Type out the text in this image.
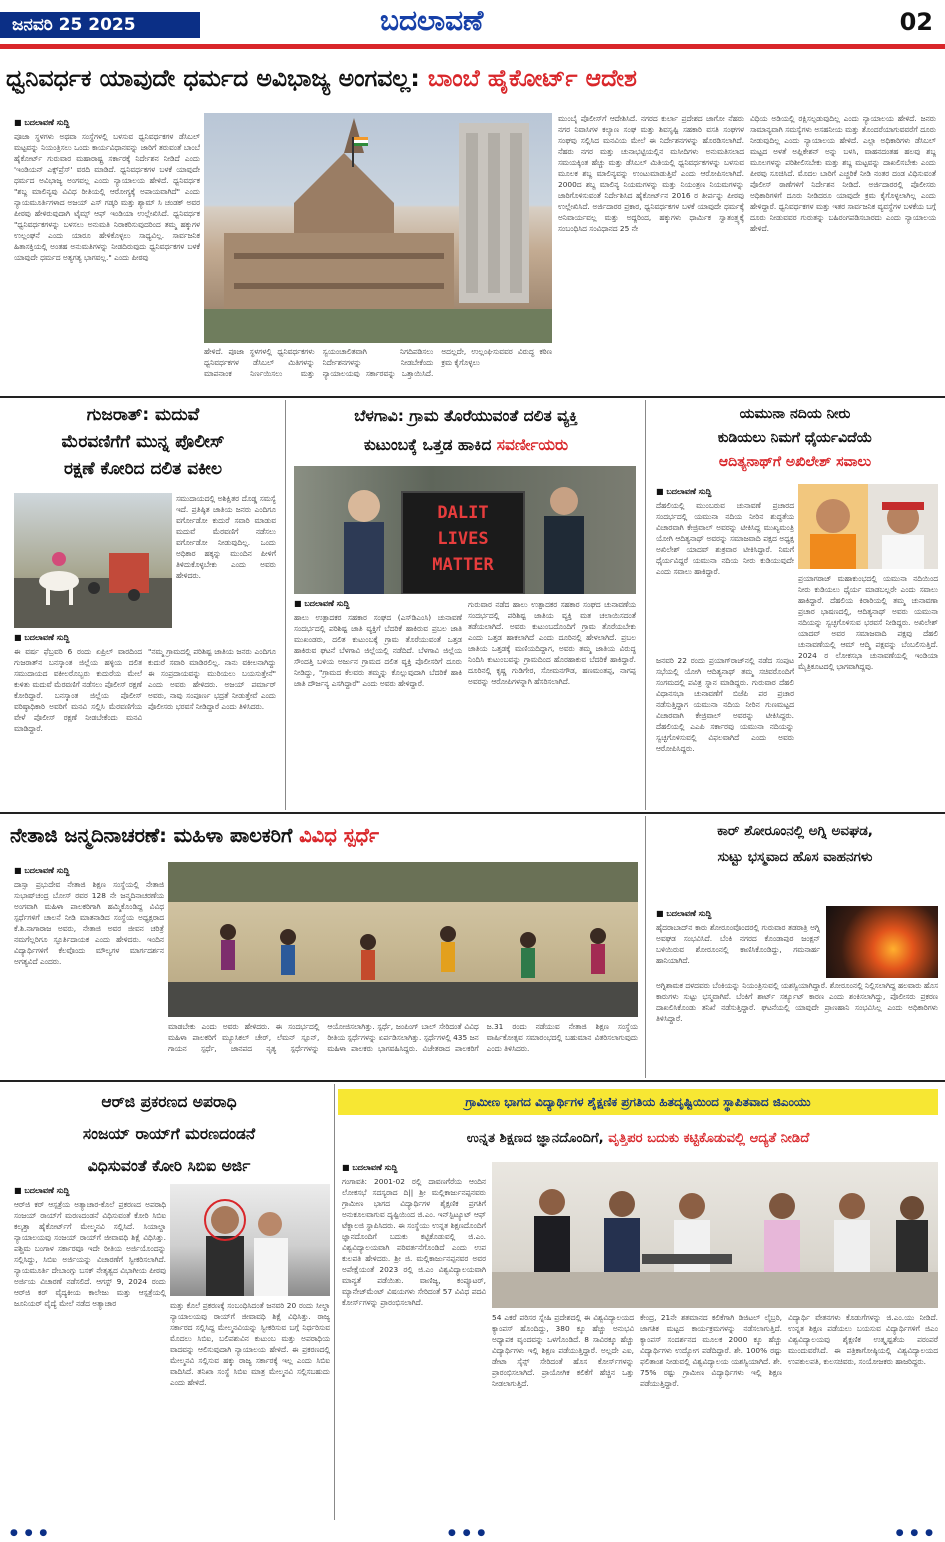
ಜನವರಿ 25 2025	ಬದಲಾವಣೆ	02
ಧ್ವನಿವರ್ಧಕ ಯಾವುದೇ ಧರ್ಮದ ಅವಿಭಾಜ್ಯ ಅಂಗವಲ್ಲ: ಬಾಂಬೆ ಹೈಕೋರ್ಟ್ ಆದೇಶ
■ ಬದಲಾವಣೆ ಸುದ್ದಿ
ಪೂಜಾ ಸ್ಥಳಗಳು ಅಥವಾ ಸಂಸ್ಥೆಗಳಲ್ಲಿ ಬಳಸುವ ಧ್ವನಿವರ್ಧಕಗಳ ಡೆಸಿಬಲ್ ಮಟ್ಟವನ್ನು ನಿಯಂತ್ರಿಸಲು ಒಂದು ಕಾರ್ಯವಿಧಾನವನ್ನು ಜಾರಿಗೆ ತರುವಂತೆ ಬಾಂಬೆ ಹೈಕೋರ್ಟ್ ಗುರುವಾರ ಮಹಾರಾಷ್ಟ್ರ ಸರ್ಕಾರಕ್ಕೆ ನಿರ್ದೇಶನ ನೀಡಿದೆ ಎಂದು 'ಇಂಡಿಯನ್ ಎಕ್ಸ್‌ಪ್ರೆಸ್' ವರದಿ ಮಾಡಿದೆ. ಧ್ವನಿವರ್ಧಕಗಳ ಬಳಕೆ ಯಾವುದೇ ಧರ್ಮದ ಅವಿಭಾಜ್ಯ ಅಂಗವಲ್ಲ ಎಂದು ನ್ಯಾಯಾಲಯ ಹೇಳಿದೆ. ಧ್ವನಿವರ್ಧಕ "ಶಬ್ದ ಮಾಲಿನ್ಯವು ವಿವಿಧ ರೀತಿಯಲ್ಲಿ ಆರೋಗ್ಯಕ್ಕೆ ಅಪಾಯವಾಗಿದೆ" ಎಂದು ನ್ಯಾಯಮೂರ್ತಿಗಳಾದ ಅಜಯ್ ಎಸ್ ಗಡ್ಕರಿ ಮತ್ತು ಶ್ಯಾಮ್ ಸಿ ಚಂಡಕ್ ಅವರ ಪೀಠವು ಹೇಳಿರುವುದಾಗಿ ಟೈಮ್ಸ್ ಆಫ್ ಇಂಡಿಯಾ ಉಲ್ಲೇಖಿಸಿದೆ. ಧ್ವನಿವರ್ಧಕ "ಧ್ವನಿವರ್ಧಕಗಳನ್ನು ಬಳಸಲು ಅನುಮತಿ ನಿರಾಕರಿಸುವುದರಿಂದ ತಮ್ಮ ಹಕ್ಕುಗಳ ಉಲ್ಲಂಘನೆ ಎಂದು ಯಾರೂ ಹೇಳಿಕೊಳ್ಳಲು ಸಾಧ್ಯವಿಲ್ಲ. ಸಾರ್ವಜನಿಕ ಹಿತಾಸಕ್ತಿಯಲ್ಲಿ ಅಂತಹ ಅನುಮತಿಗಳನ್ನು ನೀಡದಿರುವುದು ಧ್ವನಿವರ್ಧಕಗಳ ಬಳಕೆ ಯಾವುದೇ ಧರ್ಮದ ಅತ್ಯಗತ್ಯ ಭಾಗವಲ್ಲ." ಎಂದು ಪೀಠವು
ಹೇಳಿದೆ. ಪೂಜಾ ಸ್ಥಳಗಳಲ್ಲಿ ಧ್ವನಿವರ್ಧಕಗಳು ಧ್ವನಿವರ್ಧಕಗಳ ಡೆಸಿಬಲ್ ಮಿತಿಗಳನ್ನು ಮಾಪನಾಂಕ ನಿರ್ಣಯಿಸಲು ಮತ್ತು ಸ್ವಯಂಚಾಲಿತವಾಗಿ ನಿಗದಿಪಡಿಸಲು ನಿರ್ದೇಶನಗಳನ್ನು ನೀಡಬೇಕೆಂದು ನ್ಯಾಯಾಲಯವು ಸರ್ಕಾರವನ್ನು ಒತ್ತಾಯಿಸಿದೆ. ಅದಲ್ಲದೇ, ಉಲ್ಲಂಘಿಸುವವರ ವಿರುದ್ಧ ಕಠಿಣ ಕ್ರಮ ಕೈಗೊಳ್ಳಲು
ಮುಂಬೈ ಪೊಲೀಸ್‌ಗೆ ಆದೇಶಿಸಿದೆ. ನಗರದ ಕುರ್ಲಾ ಪ್ರದೇಶದ ಜಾಗೋ ನೆಹರು ನಗರ ನಿವಾಸಿಗಳ ಕಲ್ಯಾಣ ಸಂಘ ಮತ್ತು ಶಿವಸೃಷ್ಟಿ ಸಹಕಾರಿ ವಸತಿ ಸಂಘಗಳ ಸಂಘವು ಸಲ್ಲಿಸಿದ ಮನವಿಯ ಮೇಲೆ ಈ ನಿರ್ದೇಶನಗಳನ್ನು ಹೊರಡಿಸಲಾಗಿದೆ. ನೆಹರು ನಗರ ಮತ್ತು ಚುನಾಭಟ್ಟಿಯಲ್ಲಿನ ಮಸೀದಿಗಳು ಅನುಮತಿಸಲಾದ ಸಮಯಕ್ಕಿಂತ ಹೆಚ್ಚು ಮತ್ತು ಡೆಸಿಬಲ್ ಮಿತಿಯಲ್ಲಿ ಧ್ವನಿವರ್ಧಕಗಳನ್ನು ಬಳಸುವ ಮೂಲಕ ಶಬ್ದ ಮಾಲಿನ್ಯವನ್ನು ಉಂಟುಮಾಡುತ್ತಿವೆ ಎಂದು ಆರೋಪಿಸಲಾಗಿದೆ. 2000ದ ಶಬ್ದ ಮಾಲಿನ್ಯ ನಿಯಮಗಳನ್ನು ಮತ್ತು ನಿಯಂತ್ರಣ ನಿಯಮಗಳನ್ನು ಜಾರಿಗೊಳಿಸುವಂತೆ ನಿರ್ದೇಶಿಸಿದ ಹೈಕೋರ್ಟ್‌ನ 2016 ರ ತೀರ್ಪನ್ನು ಪೀಠವು ಉಲ್ಲೇಖಿಸಿದೆ. ಅರ್ಜಿದಾರರ ಪ್ರಕಾರ, ಧ್ವನಿವರ್ಧಕಗಳ ಬಳಕೆ ಯಾವುದೇ ಧರ್ಮಕ್ಕೆ ಅನಿವಾರ್ಯವಲ್ಲ ಮತ್ತು ಅದ್ದರಿಂದ, ಹಕ್ಕುಗಳು ಧಾರ್ಮಿಕ ಸ್ವಾತಂತ್ರ್ಯಕ್ಕೆ ಸಂಬಂಧಿಸಿದ ಸಂವಿಧಾನದ 25 ನೇ
ವಿಧಿಯ ಅಡಿಯಲ್ಲಿ ರಕ್ಷಿಸಲ್ಪಡುವುದಿಲ್ಲ ಎಂದು ನ್ಯಾಯಾಲಯ ಹೇಳಿದೆ. ಜನರು ಸಾಮಾನ್ಯವಾಗಿ ಸಮಸ್ಯೆಗಳು ಅಸಹನೀಯ ಮತ್ತು ತೊಂದರೆಯಾಗುವವರೆಗೆ ದೂರು ನೀಡುವುದಿಲ್ಲ ಎಂದು ನ್ಯಾಯಾಲಯ ಹೇಳಿದೆ. ಎಲ್ಲಾ ಅಧಿಕಾರಿಗಳು ಡೆಸಿಬಲ್ ಮಟ್ಟದ ಅಳತೆ ಅಪ್ಲಿಕೇಶನ್ ಅನ್ನು ಬಳಸಿ, ವಾಹನದಂತಹ ಹಲವು ಶಬ್ದ ಮೂಲಗಳನ್ನು ಪರಿಶೀಲಿಸಬೇಕು ಮತ್ತು ಶಬ್ದ ಮಟ್ಟವನ್ನು ದಾಖಲಿಸಬೇಕು ಎಂದು ಪೀಠವು ಸೂಚಿಸಿದೆ. ಮೊದಲ ಬಾರಿಗೆ ಎಚ್ಚರಿಕೆ ನೀಡಿ ನಂತರ ದಂಡ ವಿಧಿಸುವಂತೆ ಪೊಲೀಸ್ ಠಾಣೆಗಳಿಗೆ ನಿರ್ದೇಶನ ನೀಡಿದೆ. ಅರ್ಜಿದಾರರಲ್ಲಿ ಪೊಲೀಸರು ಅಧಿಕಾರಿಗಳಿಗೆ ದೂರು ನೀಡಿದರೂ ಯಾವುದೇ ಕ್ರಮ ಕೈಗೊಳ್ಳಲಾಗಿಲ್ಲ ಎಂದು ಹೇಳಿದ್ದಾರೆ. ಧ್ವನಿವರ್ಧಕಗಳ ಮತ್ತು ಇತರ ಸಾರ್ವಜನಿಕ ವ್ಯವಸ್ಥೆಗಳ ಬಳಕೆಯ ಬಗ್ಗೆ ದೂರು ನೀಡುವವರ ಗುರುತನ್ನು ಬಹಿರಂಗಪಡಿಸಬಾರದು ಎಂದು ನ್ಯಾಯಾಲಯ ಹೇಳಿದೆ.
ಗುಜರಾತ್: ಮದುವೆ
ಮೆರವಣಿಗೆಗೆ ಮುನ್ನ ಪೊಲೀಸ್
ರಕ್ಷಣೆ ಕೋರಿದ ದಲಿತ ವಕೀಲ
ಸಮುದಾಯದಲ್ಲಿ ಅಶಿಕ್ಷಿತರ ದೊಡ್ಡ ಸಮಸ್ಯೆ ಇದೆ. ಪ್ರತಿಷ್ಠಿತ ಜಾತಿಯ ಜನರು ಎಂದಿಗೂ ವರ್ಗೋಡೋ ಕುದುರೆ ಸವಾರಿ ಮಾಡುವ ಮದುವೆ ಮೆರವಣಿಗೆ ನಡೆಸಲು ವರ್ಗೋಡೋ ನೀಡುವುದಿಲ್ಲ. ಒಂದು ಅಧಿಕಾರ ಹಕ್ಕನ್ನು ಮುಂದಿನ ಪೀಳಿಗೆ ತಿಳಿದುಕೊಳ್ಳಬೇಕು ಎಂದು ಅವರು ಹೇಳಿದರು.
■ ಬದಲಾವಣೆ ಸುದ್ದಿ
ಈ ವರ್ಷ ಫೆಬ್ರವರಿ 6 ರಂದು ಏಪ್ರಿಲ್ ವಾರದಿಂದ ಗುಜರಾತ್‌ನ ಬನಸ್ಕಾಂತ ಜಿಲ್ಲೆಯ ಹಳ್ಳಿಯ ದಲಿತ ಸಮುದಾಯದ ವಕೀಲರೊಬ್ಬರು ಕುದುರೆಯ ಮೇಲೆ ಕುಳಿತು ಮದುವೆ ಮೆರವಣಿಗೆ ನಡೆಸಲು ಪೊಲೀಸ್ ರಕ್ಷಣೆ ಕೋರಿದ್ದಾರೆ. ಬನಸ್ಕಾಂತ ಜಿಲ್ಲೆಯ ಪೊಲೀಸ್ ವರಿಷ್ಠಾಧಿಕಾರಿ ಅವರಿಗೆ ಮನವಿ ಸಲ್ಲಿಸಿ ಮೆರವಣಿಗೆಯ ವೇಳೆ ಪೊಲೀಸ್ ರಕ್ಷಣೆ ನೀಡಬೇಕೆಂದು ಮನವಿ ಮಾಡಿದ್ದಾರೆ.
"ನಮ್ಮ ಗ್ರಾಮದಲ್ಲಿ ಪರಿಶಿಷ್ಟ ಜಾತಿಯ ಜನರು ಎಂದಿಗೂ ಕುದುರೆ ಸವಾರಿ ಮಾಡಿರಲಿಲ್ಲ. ನಾನು ವಕೀಲನಾಗಿದ್ದು ಈ ಸಂಪ್ರದಾಯವನ್ನು ಮುರಿಯಲು ಬಯಸುತ್ತೇನೆ" ಎಂದು ಅವರು ಹೇಳಿದರು. ಅಜಯ್ ಪರ್ಮಾರ್ ಅವರು, ನಾವು ಸಂಪೂರ್ಣ ಭದ್ರತೆ ನೀಡುತ್ತೇವೆ ಎಂದು ಪೊಲೀಸರು ಭರವಸೆ ನೀಡಿದ್ದಾರೆ ಎಂದು ತಿಳಿಸಿದರು.
ಬೆಳಗಾವಿ: ಗ್ರಾಮ ತೊರೆಯುವಂತೆ ದಲಿತ ವ್ಯಕ್ತಿ
ಕುಟುಂಬಕ್ಕೆ ಒತ್ತಡ ಹಾಕಿದ ಸವರ್ಣೀಯರು
DALIT
LIVES
MATTER
■ ಬದಲಾವಣೆ ಸುದ್ದಿ
ಹಾಲು ಉತ್ಪಾದಕರ ಸಹಕಾರ ಸಂಘದ (ಎಸ್‌ಡಿಎಂಸಿ) ಚುನಾವಣೆ ಸಂದರ್ಭದಲ್ಲಿ ಪರಿಶಿಷ್ಟ ಜಾತಿ ವ್ಯಕ್ತಿಗೆ ಬೆದರಿಕೆ ಹಾಕಿರುವ ಪ್ರಬಲ ಜಾತಿ ಮುಖಂಡರು, ದಲಿತ ಕುಟುಂಬಕ್ಕೆ ಗ್ರಾಮ ತೊರೆಯುವಂತೆ ಒತ್ತಡ ಹಾಕಿರುವ ಘಟನೆ ಬೆಳಗಾವಿ ಜಿಲ್ಲೆಯಲ್ಲಿ ನಡೆದಿದೆ. ಬೆಳಗಾವಿ ಜಿಲ್ಲೆಯ ಸೌಂದತ್ತಿ ಬಳಿಯ ಅರ್ಜುನ ಗ್ರಾಮದ ದಲಿತ ವ್ಯಕ್ತಿ ಪೊಲೀಸರಿಗೆ ದೂರು ನೀಡಿದ್ದು, "ಗ್ರಾಮದ ಕೆಲವರು ತಮ್ಮನ್ನು ಕೊಲ್ಲುವುದಾಗಿ ಬೆದರಿಕೆ ಹಾಕಿ ಜಾತಿ ದೌರ್ಜನ್ಯ ಎಸಗಿದ್ದಾರೆ" ಎಂದು ಅವರು ಹೇಳಿದ್ದಾರೆ.
ಗುರುವಾರ ನಡೆದ ಹಾಲು ಉತ್ಪಾದಕರ ಸಹಕಾರ ಸಂಘದ ಚುನಾವಣೆಯ ಸಂದರ್ಭದಲ್ಲಿ ಪರಿಶಿಷ್ಟ ಜಾತಿಯ ವ್ಯಕ್ತಿ ಮತ ಚಲಾಯಿಸದಂತೆ ತಡೆಯಲಾಗಿದೆ. ಅವರು ಕುಟುಂಬದೊಂದಿಗೆ ಗ್ರಾಮ ತೊರೆಯಬೇಕು ಎಂದು ಒತ್ತಡ ಹಾಕಲಾಗಿದೆ ಎಂದು ದೂರಿನಲ್ಲಿ ಹೇಳಲಾಗಿದೆ. ಪ್ರಬಲ ಜಾತಿಯ ಒತ್ತಡಕ್ಕೆ ಮಣಿಯದಿದ್ದಾಗ, ಅವರು ತಮ್ಮ ಜಾತಿಯ ವಿರುದ್ಧ ನಿಂದಿಸಿ ಕುಟುಂಬವನ್ನು ಗ್ರಾಮದಿಂದ ಹೊರಹಾಕುವ ಬೆದರಿಕೆ ಹಾಕಿದ್ದಾರೆ. ದೂರಿನಲ್ಲಿ ಕೃಷ್ಣ ಗುಡಿಗೇರ, ಸೋಮನಗೌಡ, ಹಣಮಂತಪ್ಪ, ನಾಗಪ್ಪ ಅವರನ್ನು ಆರೋಪಿಗಳನ್ನಾಗಿ ಹೆಸರಿಸಲಾಗಿದೆ.
ಯಮುನಾ ನದಿಯ ನೀರು
ಕುಡಿಯಲು ನಿಮಗೆ ಧೈರ್ಯವಿದೆಯೆ
ಆದಿತ್ಯನಾಥ್‌ಗೆ ಅಖಿಲೇಶ್ ಸವಾಲು
■ ಬದಲಾವಣೆ ಸುದ್ದಿ
ದೆಹಲಿಯಲ್ಲಿ ಮುಂಬರುವ ಚುನಾವಣೆ ಪ್ರಚಾರದ ಸಂದರ್ಭದಲ್ಲಿ ಯಮುನಾ ನದಿಯ ನೀರಿನ ಶುದ್ಧತೆಯ ವಿಚಾರವಾಗಿ ಕೇಜ್ರಿವಾಲ್ ಅವರನ್ನು ಟೀಕಿಸಿದ್ದ ಮುಖ್ಯಮಂತ್ರಿ ಯೋಗಿ ಆದಿತ್ಯನಾಥ್ ಅವರನ್ನು ಸಮಾಜವಾದಿ ಪಕ್ಷದ ಅಧ್ಯಕ್ಷ ಅಖಿಲೇಶ್ ಯಾದವ್ ಶುಕ್ರವಾರ ಟೀಕಿಸಿದ್ದಾರೆ. ನಿಮಗೆ ಧೈರ್ಯವಿದ್ದರೆ ಯಮುನಾ ನದಿಯ ನೀರು ಕುಡಿಯುವುದೇ ಎಂದು ಸವಾಲು ಹಾಕಿದ್ದಾರೆ.
ಪ್ರಯಾಗರಾಜ್ ಮಹಾಕುಂಭದಲ್ಲಿ ಯಮುನಾ ನದಿಯಿಂದ ನೀರು ಕುಡಿಯಲು ಧೈರ್ಯ ಮಾಡಬಲ್ಲರೇ ಎಂದು ಸವಾಲು ಹಾಕಿದ್ದಾರೆ. ದೆಹಲಿಯ ಕಿರಾರಿಯಲ್ಲಿ ತಮ್ಮ ಚುನಾವಣಾ ಪ್ರಚಾರ ಭಾಷಣದಲ್ಲಿ, ಆದಿತ್ಯನಾಥ್ ಅವರು ಯಮುನಾ ನದಿಯನ್ನು ಸ್ವಚ್ಛಗೊಳಿಸುವ ಭರವಸೆ ನೀಡಿದ್ದರು. ಅಖಿಲೇಶ್ ಯಾದವ್ ಅವರ ಸಮಾಜವಾದಿ ಪಕ್ಷವು ದೆಹಲಿ ಚುನಾವಣೆಯಲ್ಲಿ ಆಮ್ ಆದ್ಮಿ ಪಕ್ಷವನ್ನು ಬೆಂಬಲಿಸುತ್ತಿದೆ. 2024 ರ ಲೋಕಸಭಾ ಚುನಾವಣೆಯಲ್ಲಿ ಇಂಡಿಯಾ ಮೈತ್ರಿಕೂಟದಲ್ಲಿ ಭಾಗವಾಗಿದ್ದವು.
ಜನವರಿ 22 ರಂದು ಪ್ರಯಾಗ್‌ರಾಜ್‌ನಲ್ಲಿ ನಡೆದ ಸಂಪುಟ ಸಭೆಯಲ್ಲಿ ಯೋಗಿ ಆದಿತ್ಯನಾಥ್ ತಮ್ಮ ಸಚಿವರೊಂದಿಗೆ ಸಂಗಮದಲ್ಲಿ ಪವಿತ್ರ ಸ್ನಾನ ಮಾಡಿದ್ದರು. ಗುರುವಾರ ದೆಹಲಿ ವಿಧಾನಸಭಾ ಚುನಾವಣೆಗೆ ಬಿಜೆಪಿ ಪರ ಪ್ರಚಾರ ನಡೆಸುತ್ತಿದ್ದಾಗ ಯಮುನಾ ನದಿಯ ನೀರಿನ ಗುಣಮಟ್ಟದ ವಿಚಾರವಾಗಿ ಕೇಜ್ರಿವಾಲ್ ಅವರನ್ನು ಟೀಕಿಸಿದ್ದರು. ದೆಹಲಿಯಲ್ಲಿ ಎಎಪಿ ಸರ್ಕಾರವು ಯಮುನಾ ನದಿಯನ್ನು ಸ್ವಚ್ಛಗೊಳಿಸುವಲ್ಲಿ ವಿಫಲವಾಗಿದೆ ಎಂದು ಅವರು ಆರೋಪಿಸಿದ್ದರು.
ನೇತಾಜಿ ಜನ್ಮದಿನಾಚರಣೆ: ಮಹಿಳಾ ಪಾಲಕರಿಗೆ ವಿವಿಧ ಸ್ಪರ್ಧೆ
■ ಬದಲಾವಣೆ ಸುದ್ದಿ
ದಾಸ್ಸಾ ಪ್ರಭುದೇವ ನೇತಾಜಿ ಶಿಕ್ಷಣ ಸಂಸ್ಥೆಯಲ್ಲಿ ನೇತಾಜಿ ಸುಭಾಷ್‌ಚಂದ್ರ ಬೋಸ್ ರವರ 128 ನೇ ಜನ್ಮದಿನಾಚರಣೆಯ ಅಂಗವಾಗಿ ಮಹಿಳಾ ಪಾಲಕರಿಗಾಗಿ ಹಮ್ಮಿಕೊಂಡಿದ್ದ ವಿವಿಧ ಸ್ಪರ್ಧೆಗಳಿಗೆ ಚಾಲನೆ ನೀಡಿ ಮಾತನಾಡಿದ ಸಂಸ್ಥೆಯ ಅಧ್ಯಕ್ಷರಾದ ಕೆ.ಶಿ.ನಾಗಾರಾಜ ಅವರು, ನೇತಾಜಿ ಅವರ ಜೀವನ ಚರಿತ್ರೆ ನಮಗೆಲ್ಲರಿಗೂ ಸ್ಫೂರ್ತಿದಾಯಕ ಎಂದು ಹೇಳಿದರು. ಇಂದಿನ ವಿದ್ಯಾರ್ಥಿಗಳಿಗೆ ಕೆಲವೊಂದು ಮೌಲ್ಯಗಳ ಮಾರ್ಗದರ್ಶನ ಅಗತ್ಯವಿದೆ ಎಂದರು.
ಮಾಡಬೇಕು ಎಂದು ಅವರು ಹೇಳಿದರು. ಈ ಸಂದರ್ಭದಲ್ಲಿ ಮಹಿಳಾ ಪಾಲಕರಿಗೆ ಮ್ಯೂಸಿಕಲ್ ಚೇರ್, ಲೆಮನ್ ಸ್ಪೂನ್, ಗಾಯನ ಸ್ಪರ್ಧೆ, ಜಾನಪದ ನೃತ್ಯ ಸ್ಪರ್ಧೆಗಳನ್ನು ಆಯೋಜಿಸಲಾಗಿತ್ತು. ಸ್ಪರ್ಧೆ, ಜಂಪಿಂಗ್ ಬಾಲ್ ಸೇರಿದಂತೆ ವಿವಿಧ ರೀತಿಯ ಸ್ಪರ್ಧೆಗಳನ್ನು ಏರ್ಪಡಿಸಲಾಗಿತ್ತು. ಸ್ಪರ್ಧೆಗಳಲ್ಲಿ 435 ಜನ ಮಹಿಳಾ ಪಾಲಕರು ಭಾಗವಹಿಸಿದ್ದರು. ವಿಜೇತರಾದ ಪಾಲಕರಿಗೆ ಜ.31 ರಂದು ನಡೆಯುವ ನೇತಾಜಿ ಶಿಕ್ಷಣ ಸಂಸ್ಥೆಯ ವಾರ್ಷಿಕೋತ್ಸವ ಸಮಾರಂಭದಲ್ಲಿ ಬಹುಮಾನ ವಿತರಿಸಲಾಗುವುದು ಎಂದು ತಿಳಿಸಿದರು.
ಕಾರ್ ಶೋರೂಂನಲ್ಲಿ ಅಗ್ನಿ ಅವಘಡ,
ಸುಟ್ಟು ಭಸ್ಮವಾದ ಹೊಸ ವಾಹನಗಳು
■ ಬದಲಾವಣೆ ಸುದ್ದಿ
ಹೈದರಾಬಾದ್‌ನ ಕಾರು ಶೋರೂಂವೊಂದರಲ್ಲಿ ಗುರುವಾರ ತಡರಾತ್ರಿ ಅಗ್ನಿ ಅವಘಡ ಸಂಭವಿಸಿದೆ. ಬೆಂಕಿ ನಗರದ ಕೊಂಡಾಪುರ ಜಂಕ್ಷನ್ ಬಳಿಯಿರುವ ಶೋರೂಂನಲ್ಲಿ ಕಾಣಿಸಿಕೊಂಡಿದ್ದು, ಗಮನಾರ್ಹ ಹಾನಿಯಾಗಿದೆ.
ಅಗ್ನಿಶಾಮಕ ದಳದವರು ಬೆಂಕಿಯನ್ನು ನಿಯಂತ್ರಿಸುವಲ್ಲಿ ಯಶಸ್ವಿಯಾಗಿದ್ದಾರೆ. ಶೋರೂಂನಲ್ಲಿ ನಿಲ್ಲಿಸಲಾಗಿದ್ದ ಹಲವಾರು ಹೊಸ ಕಾರುಗಳು ಸುಟ್ಟು ಭಸ್ಮವಾಗಿವೆ. ಬೆಂಕಿಗೆ ಶಾರ್ಟ್ ಸರ್ಕ್ಯೂಟ್ ಕಾರಣ ಎಂದು ಶಂಕಿಸಲಾಗಿದ್ದು, ಪೊಲೀಸರು ಪ್ರಕರಣ ದಾಖಲಿಸಿಕೊಂಡು ತನಿಖೆ ನಡೆಸುತ್ತಿದ್ದಾರೆ. ಘಟನೆಯಲ್ಲಿ ಯಾವುದೇ ಪ್ರಾಣಹಾನಿ ಸಂಭವಿಸಿಲ್ಲ ಎಂದು ಅಧಿಕಾರಿಗಳು ತಿಳಿಸಿದ್ದಾರೆ.
ಆರ್‌ಜಿ ಪ್ರಕರಣದ ಅಪರಾಧಿ
ಸಂಜಯ್ ರಾಯ್‌ಗೆ ಮರಣದಂಡನೆ
ವಿಧಿಸುವಂತೆ ಕೋರಿ ಸಿಬಿಐ ಅರ್ಜಿ
■ ಬದಲಾವಣೆ ಸುದ್ದಿ
ಆರ್‌ಜಿ ಕರ್ ಆಸ್ಪತ್ರೆಯ ಅತ್ಯಾಚಾರ-ಕೊಲೆ ಪ್ರಕರಣದ ಅಪರಾಧಿ ಸಂಜಯ್ ರಾಯ್‌ಗೆ ಮರಣದಂಡನೆ ವಿಧಿಸುವಂತೆ ಕೋರಿ ಸಿಬಿಐ ಕಲ್ಕತ್ತಾ ಹೈಕೋರ್ಟ್‌ಗೆ ಮೇಲ್ಮನವಿ ಸಲ್ಲಿಸಿದೆ. ಸಿಯಾಲ್ದಾ ನ್ಯಾಯಾಲಯವು ಸಂಜಯ್ ರಾಯ್‌ಗೆ ಜೀವಾವಧಿ ಶಿಕ್ಷೆ ವಿಧಿಸಿತ್ತು. ಪಶ್ಚಿಮ ಬಂಗಾಳ ಸರ್ಕಾರವೂ ಇದೇ ರೀತಿಯ ಅರ್ಜಿಯೊಂದನ್ನು ಸಲ್ಲಿಸಿದ್ದು, ಸಿಬಿಐ ಅರ್ಜಿಯನ್ನು ವಿಚಾರಣೆಗೆ ಸ್ವೀಕರಿಸಲಾಗಿದೆ. ನ್ಯಾಯಮೂರ್ತಿ ದೇಬಾಂಗ್ಸು ಬಸಕ್ ನೇತೃತ್ವದ ವಿಭಾಗೀಯ ಪೀಠವು ಅರ್ಜಿಯ ವಿಚಾರಣೆ ನಡೆಸಲಿದೆ. ಆಗಸ್ಟ್ 9, 2024 ರಂದು ಆರ್‌ಜಿ ಕರ್ ವೈದ್ಯಕೀಯ ಕಾಲೇಜು ಮತ್ತು ಆಸ್ಪತ್ರೆಯಲ್ಲಿ ಜೂನಿಯರ್ ವೈದ್ಯೆ ಮೇಲೆ ನಡೆದ ಅತ್ಯಾಚಾರ	ಮತ್ತು ಕೊಲೆ ಪ್ರಕರಣಕ್ಕೆ ಸಂಬಂಧಿಸಿದಂತೆ ಜನವರಿ 20 ರಂದು ಸೀಲ್ದಾ ನ್ಯಾಯಾಲಯವು ರಾಯ್‌ಗೆ ಜೀವಾವಧಿ ಶಿಕ್ಷೆ ವಿಧಿಸಿತ್ತು. ರಾಜ್ಯ ಸರ್ಕಾರದ ಸಲ್ಲಿಸಿದ್ದ ಮೇಲ್ಮನವಿಯನ್ನು ಸ್ವೀಕರಿಸುವ ಬಗ್ಗೆ ನಿರ್ಧರಿಸುವ ಮೊದಲು ಸಿಬಿಐ, ಬಲಿಪಶುವಿನ ಕುಟುಂಬ ಮತ್ತು ಅಪರಾಧಿಯ ವಾದವನ್ನು ಆಲಿಸುವುದಾಗಿ ನ್ಯಾಯಾಲಯ ಹೇಳಿದೆ. ಈ ಪ್ರಕರಣದಲ್ಲಿ ಮೇಲ್ಮನವಿ ಸಲ್ಲಿಸುವ ಹಕ್ಕು ರಾಜ್ಯ ಸರ್ಕಾರಕ್ಕೆ ಇಲ್ಲ ಎಂದು ಸಿಬಿಐ ವಾದಿಸಿದೆ. ತನಿಖಾ ಸಂಸ್ಥೆ ಸಿಬಿಐ ಮಾತ್ರ ಮೇಲ್ಮನವಿ ಸಲ್ಲಿಸಬಹುದು ಎಂದು ಹೇಳಿದೆ.
ಗ್ರಾಮೀಣ ಭಾಗದ ವಿದ್ಯಾರ್ಥಿಗಳ ಶೈಕ್ಷಣಿಕ ಪ್ರಗತಿಯ ಹಿತದೃಷ್ಟಿಯಿಂದ ಸ್ಥಾಪಿತವಾದ ಜಿಎಂಯು
ಉನ್ನತ ಶಿಕ್ಷಣದ ಜ್ಞಾನದೊಂದಿಗೆ, ವೃತ್ತಿಪರ ಬದುಕು ಕಟ್ಟಿಕೊಡುವಲ್ಲಿ ಆದ್ಯತೆ ನೀಡಿದೆ
■ ಬದಲಾವಣೆ ಸುದ್ದಿ
ಗಂಗಾವತಿ: 2001-02 ರಲ್ಲಿ ದಾವಣಗೆರೆಯ ಆಂದಿನ ಲೋಕಸಭೆ ಸದಸ್ಯರಾದ ದಿ|| ಶ್ರೀ ಮಲ್ಲಿಕಾರ್ಜುನಪ್ಪನವರು ಗ್ರಾಮೀಣ ಭಾಗದ ವಿದ್ಯಾರ್ಥಿಗಳ ಶೈಕ್ಷಣಿಕ ಪ್ರಗತಿಗೆ ಅನುಕೂಲವಾಗುವ ದೃಷ್ಟಿಯಿಂದ ಜಿ.ಎಂ. ಇನ್‌ಸ್ಟಿಟ್ಯೂಟ್ ಆಫ್ ಟೆಕ್ನಾಲಜಿ ಸ್ಥಾಪಿಸಿದರು. ಈ ಸಂಸ್ಥೆಯು ಉನ್ನತ ಶಿಕ್ಷಣದೊಂದಿಗೆ ಜ್ಞಾನದೊಂದಿಗೆ ಬದುಕು ಕಟ್ಟಿಕೊಡುವಲ್ಲಿ ಜಿ.ಎಂ. ವಿಶ್ವವಿದ್ಯಾಲಯವಾಗಿ ಪರಿವರ್ತನೆಗೊಂಡಿದೆ ಎಂದು ಉಪ ಕುಲಪತಿ ಹೇಳಿದರು. ಶ್ರೀ ಜಿ. ಮಲ್ಲಿಕಾರ್ಜುನಪ್ಪನವರ ಅವರ ಅಪೇಕ್ಷೆಯಂತೆ 2023 ರಲ್ಲಿ ಜಿ.ಎಂ ವಿಶ್ವವಿದ್ಯಾಲಯವಾಗಿ ಮಾನ್ಯತೆ ಪಡೆಯಿತು. ವಾಣಿಜ್ಯ, ಕಂಪ್ಯೂಟರ್, ಮ್ಯಾನೇಜ್‌ಮೆಂಟ್ ವಿಷಯಗಳು ಸೇರಿದಂತೆ 57 ವಿವಿಧ ಪದವಿ ಕೋರ್ಸ್‌ಗಳನ್ನು ಪ್ರಾರಂಭಿಸಲಾಗಿದೆ.
54 ಎಕರೆ ಪರಿಸರ ಸ್ನೇಹಿ ಪ್ರದೇಶದಲ್ಲಿ ಈ ವಿಶ್ವವಿದ್ಯಾಲಯದ ಕ್ಯಾಂಪಸ್ ಹೊಂದಿದ್ದು, 380 ಕ್ಕೂ ಹೆಚ್ಚು ಅನುಭವಿ ಅಧ್ಯಾಪಕ ವೃಂದವನ್ನು ಒಳಗೊಂಡಿದೆ. 8 ಸಾವಿರಕ್ಕೂ ಹೆಚ್ಚು ವಿದ್ಯಾರ್ಥಿಗಳು ಇಲ್ಲಿ ಶಿಕ್ಷಣ ಪಡೆಯುತ್ತಿದ್ದಾರೆ. ಅಲ್ಲದೇ ಎಐ, ಡೇಟಾ ಸೈನ್ಸ್ ಸೇರಿದಂತೆ ಹೊಸ ಕೋರ್ಸ್‌ಗಳನ್ನು ಪ್ರಾರಂಭಿಸಲಾಗಿದೆ. ಪ್ರಾಯೋಗಿಕ ಕಲಿಕೆಗೆ ಹೆಚ್ಚಿನ ಒತ್ತು ನೀಡಲಾಗುತ್ತಿದೆ.
ಕೇಂದ್ರ, 21ನೇ ಶತಮಾನದ ಕಲಿಕೆಗಾಗಿ ಡಿಜಿಟಲ್ ಲೈಬ್ರರಿ, ಜಾಗತಿಕ ಮಟ್ಟದ ಕಾರ್ಯಕ್ರಮಗಳನ್ನು ನಡೆಸಲಾಗುತ್ತಿದೆ. ಕ್ಯಾಂಪಸ್ ಸಂದರ್ಶನದ ಮೂಲಕ 2000 ಕ್ಕೂ ಹೆಚ್ಚು ವಿದ್ಯಾರ್ಥಿಗಳು ಉದ್ಯೋಗ ಪಡೆದಿದ್ದಾರೆ. ಶೇ. 100% ರಷ್ಟು ಫಲಿತಾಂಶ ನೀಡುವಲ್ಲಿ ವಿಶ್ವವಿದ್ಯಾಲಯ ಯಶಸ್ವಿಯಾಗಿದೆ. ಶೇ. 75% ರಷ್ಟು ಗ್ರಾಮೀಣ ವಿದ್ಯಾರ್ಥಿಗಳು ಇಲ್ಲಿ ಶಿಕ್ಷಣ ಪಡೆಯುತ್ತಿದ್ದಾರೆ.
ವಿದ್ಯಾರ್ಥಿ ವೇತನಗಳು ಕೊಡುಗೆಗಳನ್ನು ಜಿ.ಎಂ.ಯು ನೀಡಿದೆ. ಉನ್ನತ ಶಿಕ್ಷಣ ಪಡೆಯಲು ಬಯಸುವ ವಿದ್ಯಾರ್ಥಿಗಳಿಗೆ ಜಿಎಂ ವಿಶ್ವವಿದ್ಯಾಲಯವು ಶೈಕ್ಷಣಿಕ ಉತ್ಕೃಷ್ಟತೆಯ ಪರಂಪರೆ ಮುಂದುವರೆಸಿದೆ. ಈ ಪತ್ರಿಕಾಗೋಷ್ಠಿಯಲ್ಲಿ ವಿಶ್ವವಿದ್ಯಾಲಯದ ಉಪಕುಲಪತಿ, ಕುಲಸಚಿವರು, ಸಂಯೋಜಕರು ಹಾಜರಿದ್ದರು.
● ● ●	● ● ●	● ● ●
